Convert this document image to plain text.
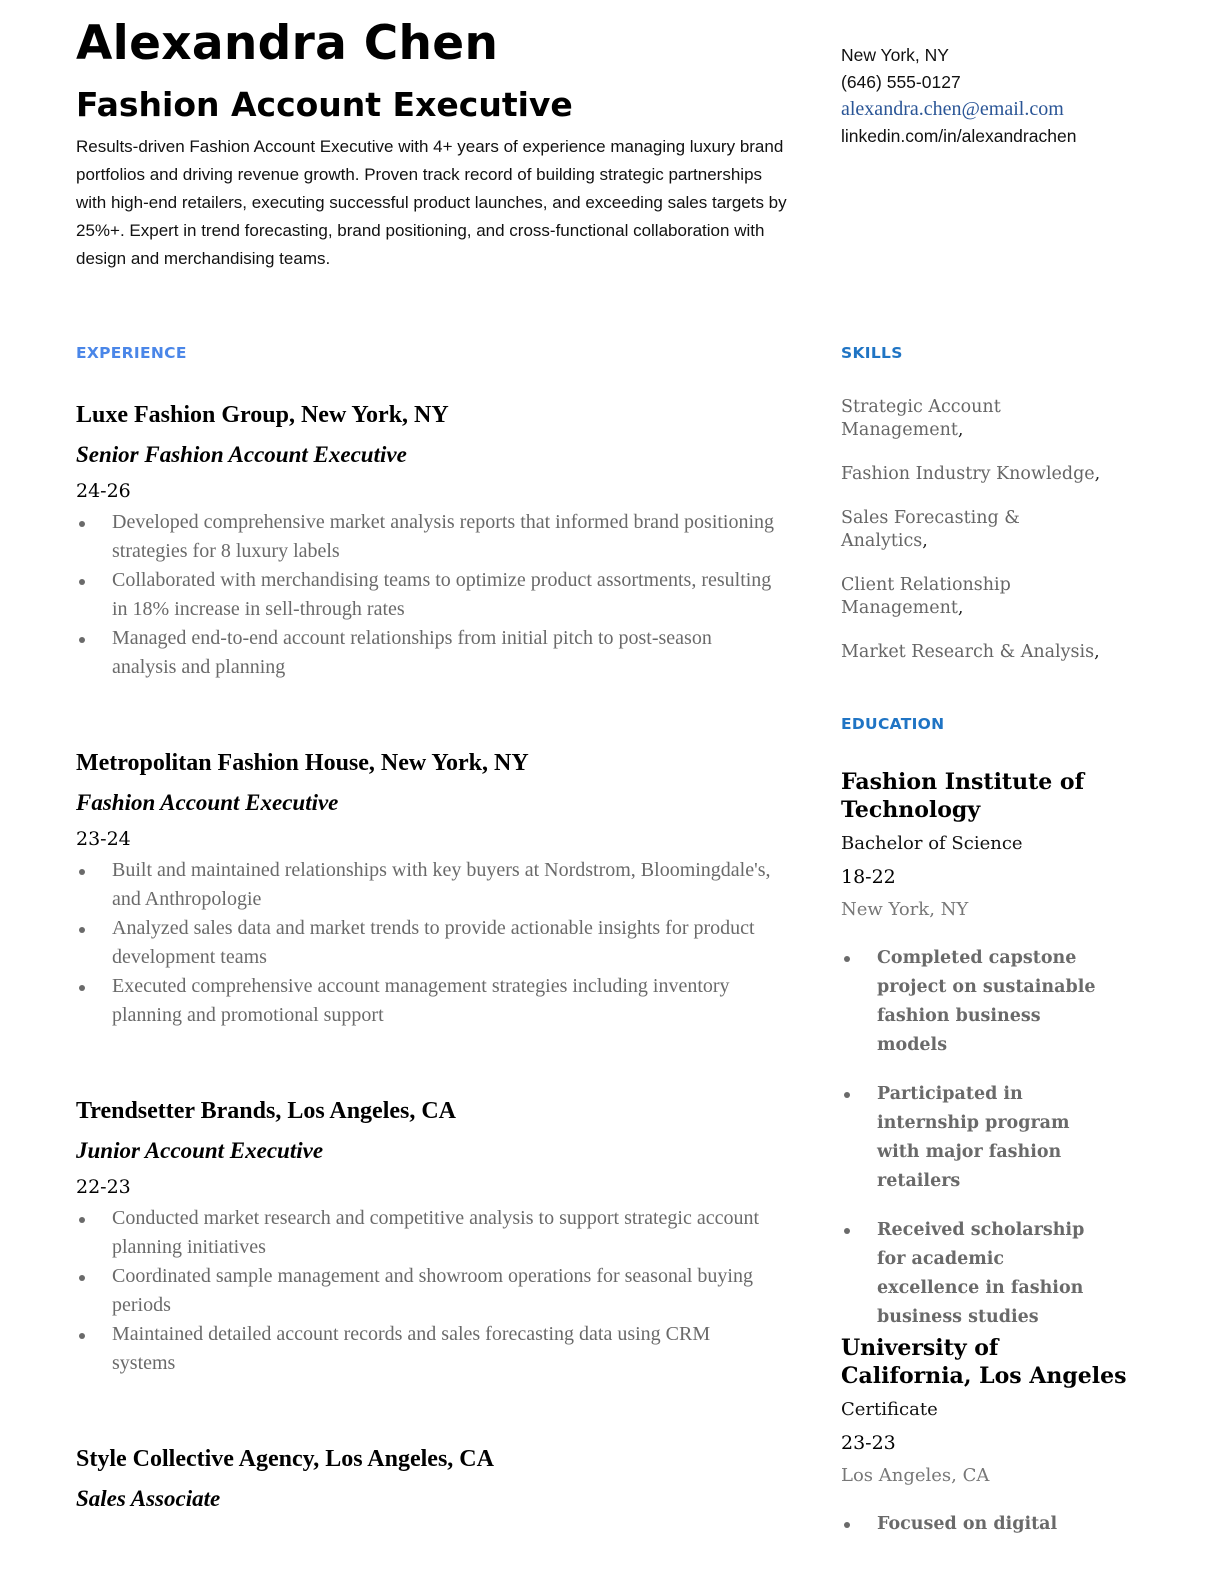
Alexandra Chen
Fashion Account Executive

Results-driven Fashion Account Executive with 4+ years of experience managing luxury brand portfolios and driving revenue growth. Proven track record of building strategic partnerships with high-end retailers, executing successful product launches, and exceeding sales targets by 25%+. Expert in trend forecasting, brand positioning, and cross-functional collaboration with design and merchandising teams.

New York, NY
(646) 555-0127
alexandra.chen@email.com
linkedin.com/in/alexandrachen
EXPERIENCE	SKILLS
EDUCATION

Luxe Fashion Group, New York, NY

Senior Fashion Account Executive

24-26

Developed comprehensive market analysis reports that informed brand positioning strategies for 8 luxury labels
Collaborated with merchandising teams to optimize product assortments, resulting in 18% increase in sell-through rates
Managed end-to-end account relationships from initial pitch to post-season analysis and planning

Metropolitan Fashion House, New York, NY

Fashion Account Executive

23-24

Built and maintained relationships with key buyers at Nordstrom, Bloomingdale's, and Anthropologie
Analyzed sales data and market trends to provide actionable insights for product development teams
Executed comprehensive account management strategies including inventory planning and promotional support

Trendsetter Brands, Los Angeles, CA

Junior Account Executive

22-23

Conducted market research and competitive analysis to support strategic account planning initiatives
Coordinated sample management and showroom operations for seasonal buying periods
Maintained detailed account records and sales forecasting data using CRM systems

Style Collective Agency, Los Angeles, CA

Sales Associate

Strategic Account Management,
Fashion Industry Knowledge,
Sales Forecasting & Analytics,
Client Relationship Management,
Market Research & Analysis,

Fashion Institute of Technology

Bachelor of Science

18-22

New York, NY

Completed capstone project on sustainable fashion business models
Participated in internship program with major fashion retailers
Received scholarship for academic excellence in fashion business studies

University of California, Los Angeles

Certificate

23-23

Los Angeles, CA

Focused on digital
